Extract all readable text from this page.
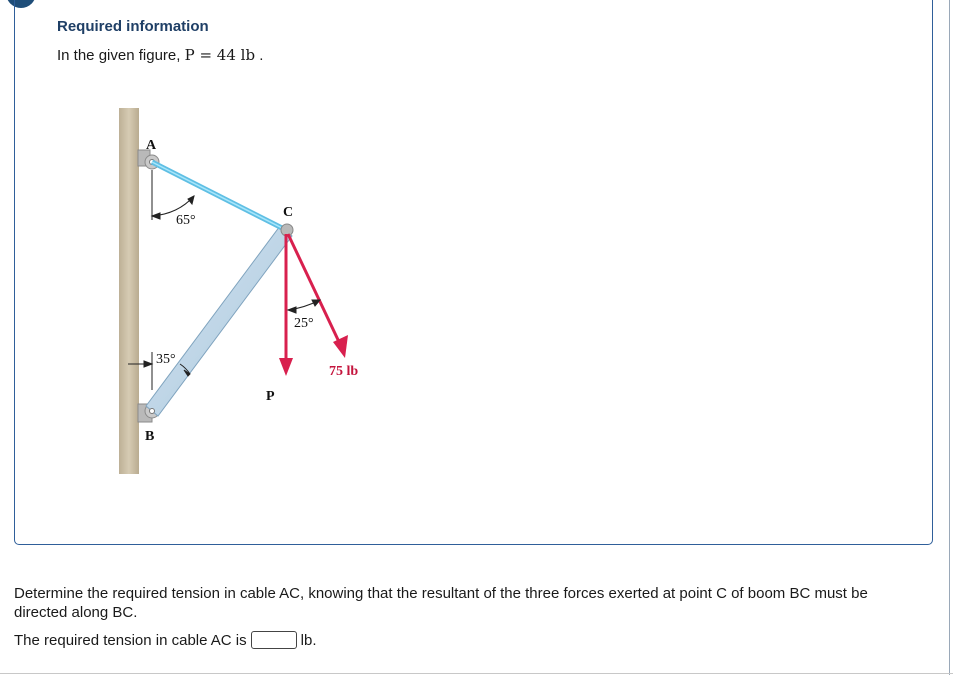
Required information
In the given figure, P = 44 lb .
A
B
C
65°
35°
25°
75 lb
P
Determine the required tension in cable AC, knowing that the resultant of the three forces exerted at point C of boom BC must be directed along BC.
The required tension in cable AC is	lb.
